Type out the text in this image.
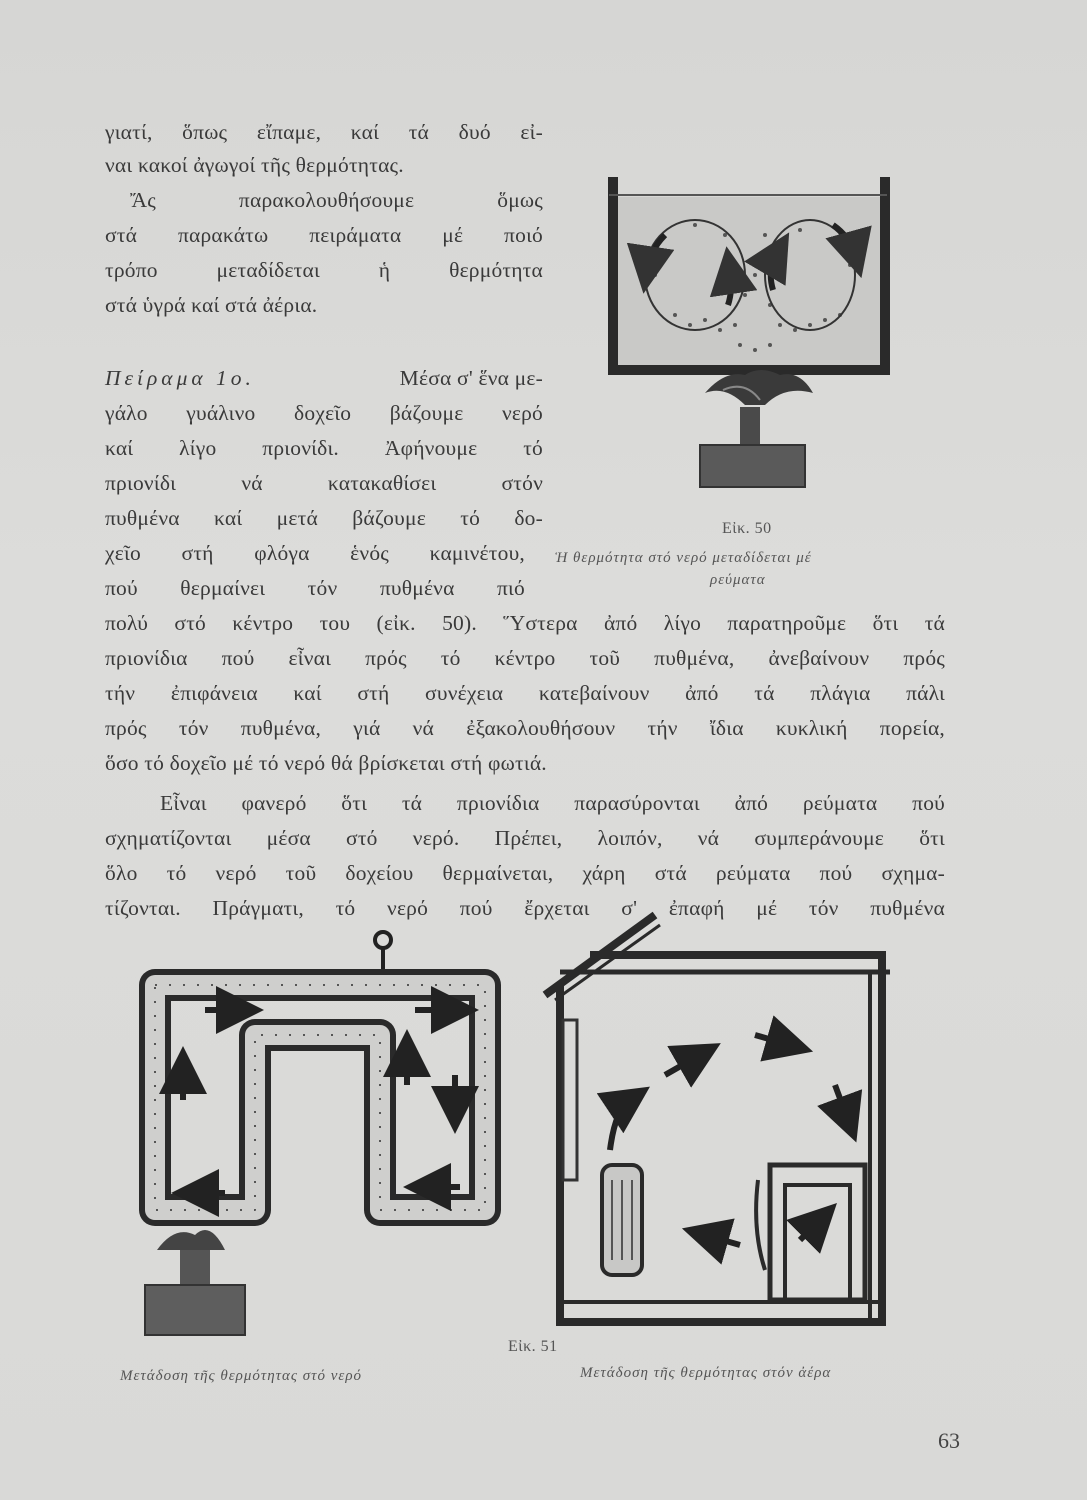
γιατί, ὅπως εἴπαμε, καί τά δυό εἰ-
ναι κακοί ἀγωγοί τῆς θερμότητας.
Ἄς παρακολουθήσουμε ὅμως
στά παρακάτω πειράματα μέ ποιό
τρόπο μεταδίδεται ἡ θερμότητα
στά ὑγρά καί στά ἀέρια.
Πείραμα 1ο.	Μέσα σ' ἕνα με-
γάλο γυάλινο δοχεῖο βάζουμε νερό
καί λίγο πριονίδι. Ἀφήνουμε τό
πριονίδι νά κατακαθίσει στόν
πυθμένα καί μετά βάζουμε τό δο-
χεῖο στή φλόγα ἑνός καμινέτου,
πού θερμαίνει τόν πυθμένα πιό
πολύ στό κέντρο του (εἰκ. 50). Ὕστερα ἀπό λίγο παρατηροῦμε ὅτι τά
πριονίδια πού εἶναι πρός τό κέντρο τοῦ πυθμένα, ἀνεβαίνουν πρός
τήν ἐπιφάνεια καί στή συνέχεια κατεβαίνουν ἀπό τά πλάγια πάλι
πρός τόν πυθμένα, γιά νά ἐξακολουθήσουν τήν ἴδια κυκλική πορεία,
ὅσο τό δοχεῖο μέ τό νερό θά βρίσκεται στή φωτιά.
Εἶναι φανερό ὅτι τά πριονίδια παρασύρονται ἀπό ρεύματα πού
σχηματίζονται μέσα στό νερό. Πρέπει, λοιπόν, νά συμπεράνουμε ὅτι
ὅλο τό νερό τοῦ δοχείου θερμαίνεται, χάρη στά ρεύματα πού σχημα-
τίζονται. Πράγματι, τό νερό πού ἔρχεται σ' ἐπαφή μέ τόν πυθμένα
Εἰκ. 50
Ἡ θερμότητα στό νερό μεταδίδεται μέ
ρεύματα
Εἰκ. 51
Μετάδοση τῆς θερμότητας στό νερό	Μετάδοση τῆς θερμότητας στόν ἀέρα
63
